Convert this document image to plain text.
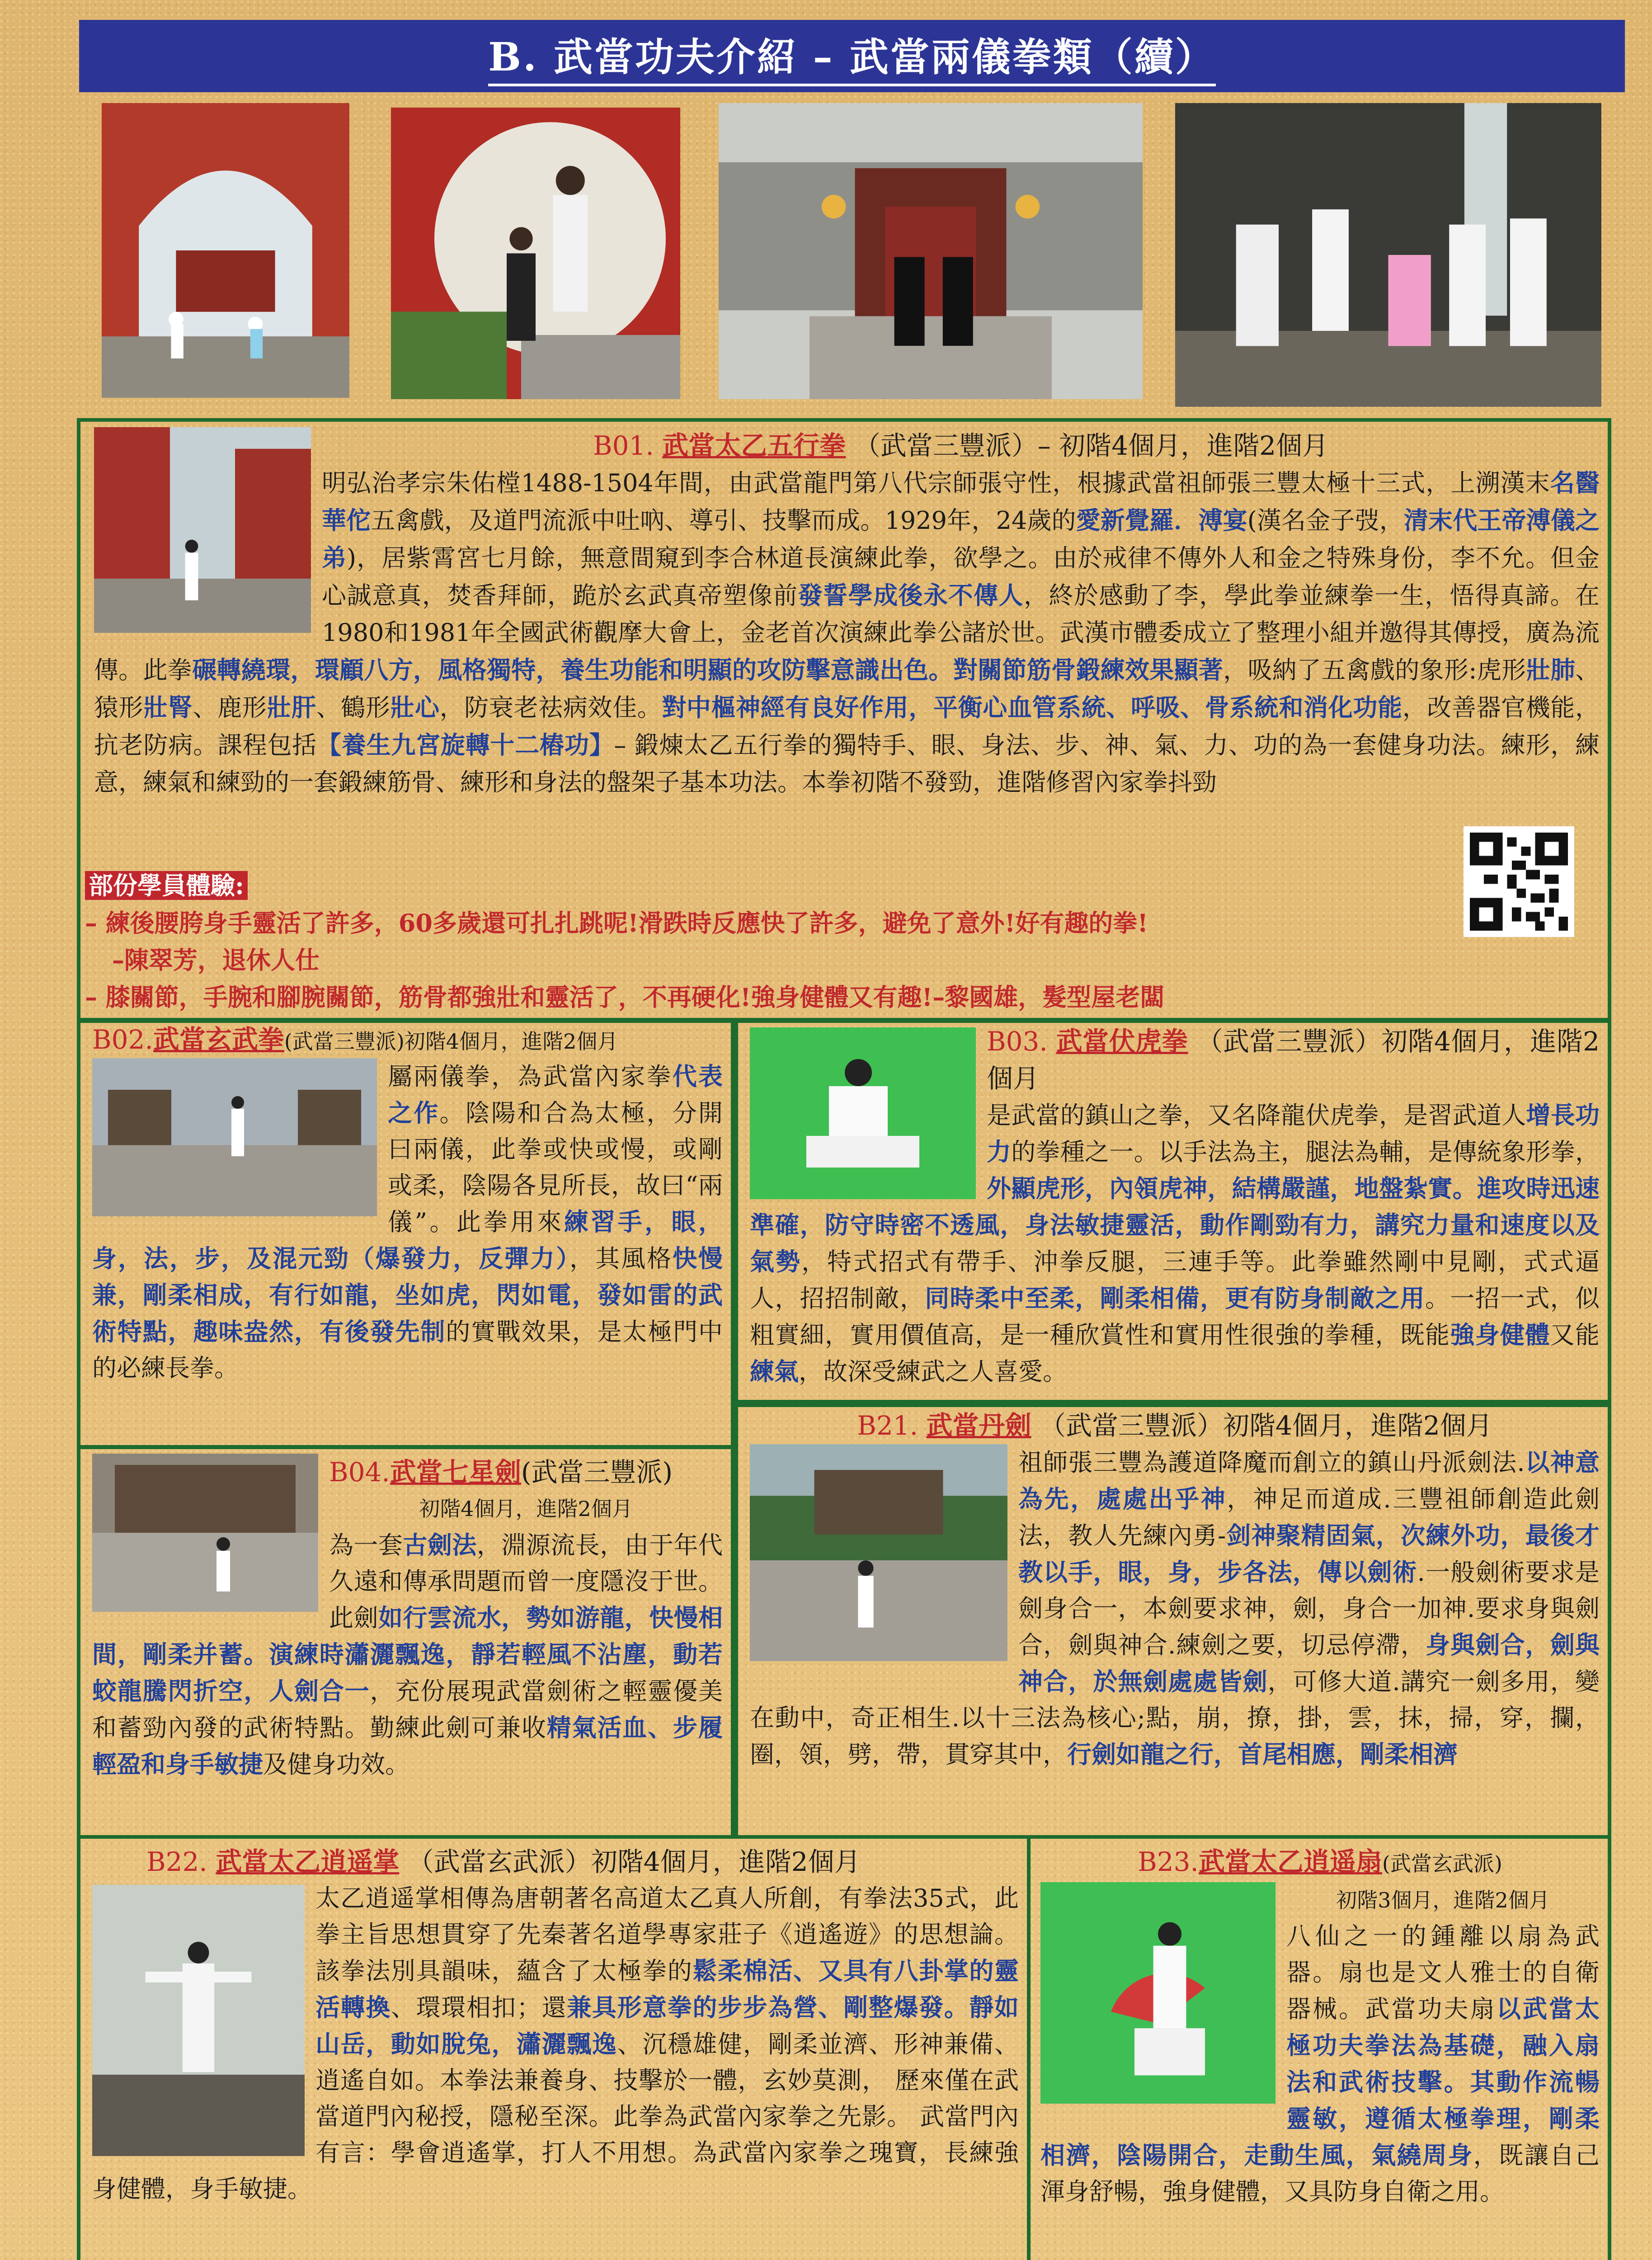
B. 武當功夫介紹 – 武當兩儀拳類（續）
B01. 武當太乙五行拳 （武當三豐派）– 初階4個月，進階2個月
明弘治孝宗朱佑樘1488-1504年間，由武當龍門第八代宗師張守性，根據武當祖師張三豐太極十三式，上溯漢末名醫華佗五禽戲，及道門流派中吐吶、導引、技擊而成。1929年，24歲的愛新覺羅．溥宴(漢名金子弢，清末代王帝溥儀之弟)，居紫霄宮七月餘，無意間窺到李合林道長演練此拳，欲學之。由於戒律不傳外人和金之特殊身份，李不允。但金心誠意真，焚香拜師，跪於玄武真帝塑像前發誓學成後永不傳人，終於感動了李，學此拳並練拳一生，悟得真諦。在1980和1981年全國武術觀摩大會上，金老首次演練此拳公諸於世。武漢市體委成立了整理小組并邀得其傳授，廣為流傳。此拳碾轉繞環，環顧八方，風格獨特，養生功能和明顯的攻防擊意識出色。對關節筋骨鍛練效果顯著，吸納了五禽戲的象形:虎形壯肺、猿形壯腎、鹿形壯肝、鶴形壯心，防衰老祛病效佳。對中樞神經有良好作用，平衡心血管系統、呼吸、骨系統和消化功能，改善器官機能，抗老防病。課程包括【養生九宮旋轉十二樁功】– 鍛煉太乙五行拳的獨特手、眼、身法、步、神、氣、力、功的為一套健身功法。練形，練意，練氣和練勁的一套鍛練筋骨、練形和身法的盤架子基本功法。本拳初階不發勁，進階修習內家拳抖勁
部份學員體驗:
– 練後腰胯身手靈活了許多，60多歲還可扎扎跳呢!滑跌時反應快了許多，避免了意外!好有趣的拳!
–陳翠芳，退休人仕
– 膝關節，手腕和腳腕關節，筋骨都強壯和靈活了，不再硬化!強身健體又有趣!–黎國雄，髮型屋老闆
B02.武當玄武拳(武當三豐派)初階4個月，進階2個月
屬兩儀拳，為武當內家拳代表之作。陰陽和合為太極，分開曰兩儀，此拳或快或慢，或剛或柔，陰陽各見所長，故曰“兩儀”。此拳用來練習手，眼，身，法，步，及混元勁（爆發力，反彈力），其風格快慢兼，剛柔相成，有行如龍，坐如虎，閃如電，發如雷的武術特點，趣味盎然，有後發先制的實戰效果，是太極門中的必練長拳。
B03. 武當伏虎拳 （武當三豐派）初階4個月，進階2個月
是武當的鎮山之拳，又名降龍伏虎拳，是習武道人增長功力的拳種之一。以手法為主，腿法為輔，是傳統象形拳，外顯虎形，內領虎神，結構嚴謹，地盤紮實。進攻時迅速準確，防守時密不透風，身法敏捷靈活，動作剛勁有力，講究力量和速度以及氣勢，特式招式有帶手、沖拳反腿，三連手等。此拳雖然剛中見剛，式式逼人，招招制敵，同時柔中至柔，剛柔相備，更有防身制敵之用。一招一式，似粗實細，實用價值高，是一種欣賞性和實用性很強的拳種，既能強身健體又能練氣，故深受練武之人喜愛。
B04.武當七星劍(武當三豐派)
初階4個月，進階2個月
為一套古劍法，淵源流長，由于年代久遠和傳承問題而曾一度隱沒于世。此劍如行雲流水，勢如游龍，快慢相間，剛柔并蓄。演練時瀟灑飄逸，靜若輕風不沾塵，動若蛟龍騰閃折空，人劍合一，充份展現武當劍術之輕靈優美和蓄勁內發的武術特點。勤練此劍可兼收精氣活血、步履輕盈和身手敏捷及健身功效。
B21. 武當丹劍 （武當三豐派）初階4個月，進階2個月
祖師張三豐為護道降魔而創立的鎮山丹派劍法.以神意為先，處處出乎神，神足而道成.三豐祖師創造此劍法，教人先練內勇-剑神聚精固氣，次練外功，最後才教以手，眼，身，步各法，傳以劍術.一般劍術要求是劍身合一，本劍要求神，劍，身合一加神.要求身與劍合，劍與神合.練劍之要，切忌停滯，身與劍合，劍與神合，於無劍處處皆劍，可修大道.講究一劍多用，變在動中，奇正相生.以十三法為核心;點，崩，撩，掛，雲，抹，掃，穿，攔，圈，領，劈，帶，貫穿其中，行劍如龍之行，首尾相應，剛柔相濟
B22. 武當太乙逍遥掌 （武當玄武派）初階4個月，進階2個月
太乙逍遥掌相傳為唐朝著名高道太乙真人所創，有拳法35式，此拳主旨思想貫穿了先秦著名道學專家莊子《逍遙遊》的思想論。該拳法別具韻味，蘊含了太極拳的鬆柔棉活、又具有八卦掌的靈活轉換、環環相扣；還兼具形意拳的步步為營、剛整爆發。靜如山岳，動如脫兔，瀟灑飄逸、沉穩雄健，剛柔並濟、形神兼備、逍遙自如。本拳法兼養身、技擊於一體，玄妙莫測， 歷來僅在武當道門內秘授，隱秘至深。此拳為武當內家拳之先影。 武當門內有言：學會逍遙掌，打人不用想。為武當內家拳之瑰寶，長練強身健體，身手敏捷。
B23.武當太乙逍遥扇(武當玄武派)
初階3個月，進階2個月
八仙之一的鍾離以扇為武器。扇也是文人雅士的自衛器械。武當功夫扇以武當太極功夫拳法為基礎，融入扇法和武術技擊。其動作流暢靈敏，遵循太極拳理，剛柔相濟，陰陽開合，走動生風，氣繞周身，既讓自己渾身舒暢，強身健體，又具防身自衛之用。
